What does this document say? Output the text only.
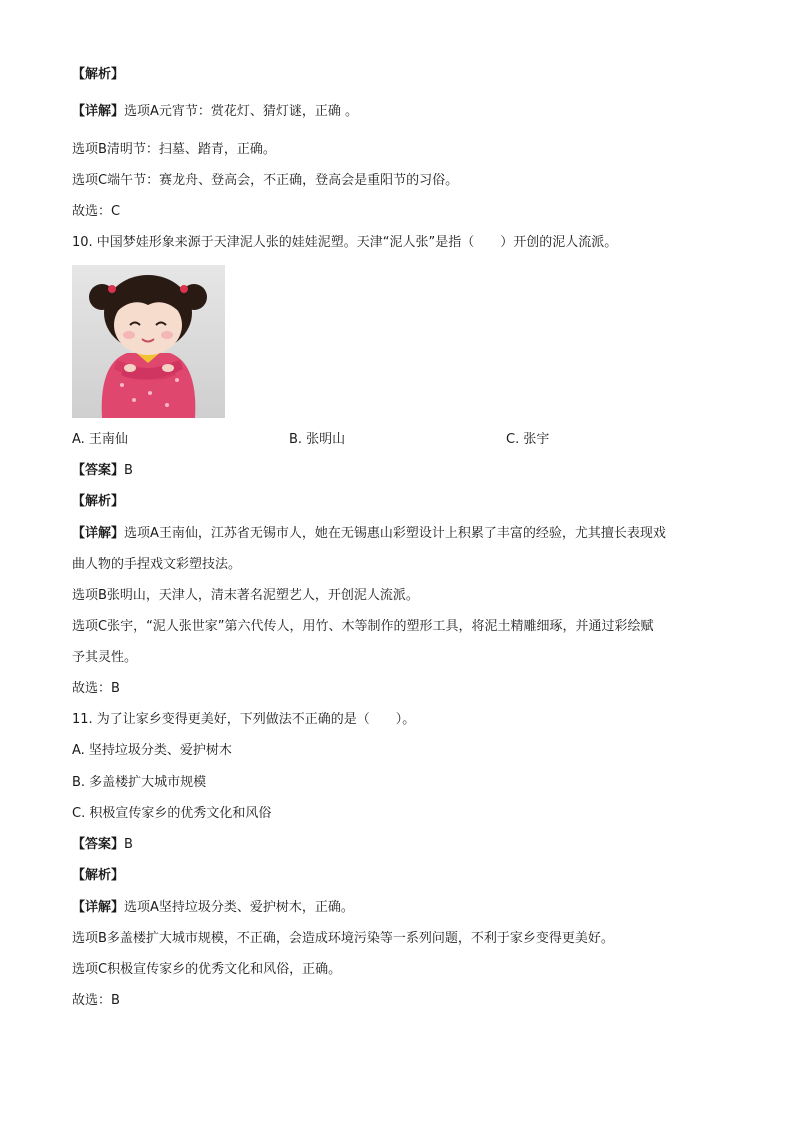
【解析】
【详解】选项A元宵节：赏花灯、猜灯谜，正确 。
选项B清明节：扫墓、踏青，正确。
选项C端午节：赛龙舟、登高会，不正确，登高会是重阳节的习俗。
故选：C
10. 中国梦娃形象来源于天津泥人张的娃娃泥塑。天津“泥人张”是指（　　）开创的泥人流派。
A. 王南仙	B. 张明山	C. 张宇
【答案】B
【解析】
【详解】选项A王南仙，江苏省无锡市人，她在无锡惠山彩塑设计上积累了丰富的经验，尤其擅长表现戏
曲人物的手捏戏文彩塑技法。
选项B张明山，天津人，清末著名泥塑艺人，开创泥人流派。
选项C张宇，“泥人张世家”第六代传人，用竹、木等制作的塑形工具，将泥土精雕细琢，并通过彩绘赋
予其灵性。
故选：B
11. 为了让家乡变得更美好，下列做法不正确的是（　　）。
A. 坚持垃圾分类、爱护树木
B. 多盖楼扩大城市规模
C. 积极宣传家乡的优秀文化和风俗
【答案】B
【解析】
【详解】选项A坚持垃圾分类、爱护树木，正确。
选项B多盖楼扩大城市规模，不正确，会造成环境污染等一系列问题，不利于家乡变得更美好。
选项C积极宣传家乡的优秀文化和风俗，正确。
故选：B
